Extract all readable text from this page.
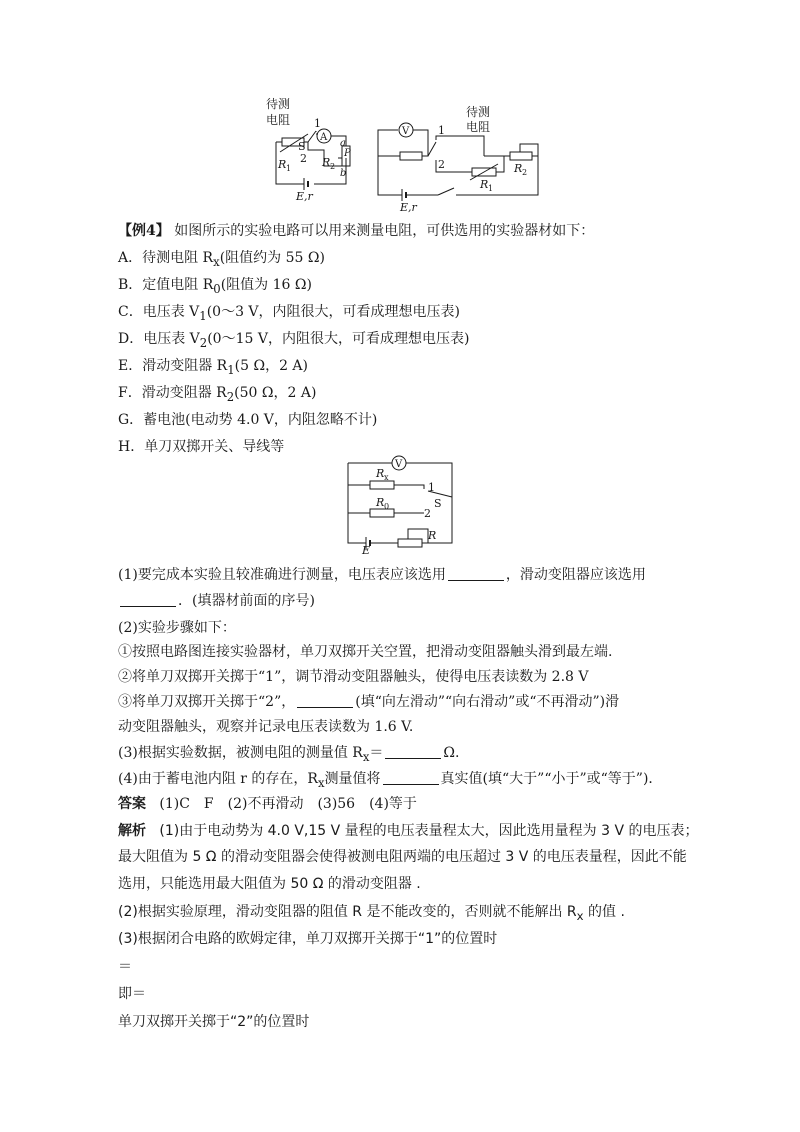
待测
电阻 1
S
2
A
R 1	R 2
P
a
b
E,r
V	1
2
待测
电阻
R 1
R 2
E,r
【例4】 如图所示的实验电路可以用来测量电阻，可供选用的实验器材如下：
A．待测电阻 $R_x$(阻值约为 55 Ω)
B．定值电阻 $R_0$(阻值为 16 Ω)
C．电压表 $V_1(0\sim 3$ V，内阻很大，可看成理想电压表)
D．电压表 $V_2(0\sim 15$ V，内阻很大，可看成理想电压表)
E．滑动变阻器 $R_1(5$ Ω，2 A)
F．滑动变阻器 $R_2(50$ Ω，2 A)
G．蓄电池(电动势 4.0 V，内阻忽略不计)
H．单刀双掷开关、导线等
V
R x
R 0
1
S
2
R
E
(1)要完成本实验且较准确进行测量，电压表应该选用	，滑动变阻器应该选用
．(填器材前面的序号)
(2)实验步骤如下：
①按照电路图连接实验器材，单刀双掷开关空置，把滑动变阻器触头滑到最左端.
②将单刀双掷开关掷于“1”，调节滑动变阻器触头，使得电压表读数为 2.8 V
③将单刀双掷开关掷于“2”，	(填“向左滑动”“向右滑动”或“不再滑动”)滑
动变阻器触头，观察并记录电压表读数为 1.6 V.
(3)根据实验数据，被测电阻的测量值 $R_x=$	Ω.
(4)由于蓄电池内阻 r 的存在，$R_x$测量值将	真实值(填“大于”“小于”或“等于”)．
答案 (1)C　F　(2)不再滑动　(3)56　(4)等于
解析 (1)由于电动势为 4.0 V,15 V 量程的电压表量程太大，因此选用量程为 3 V 的电压表；
最大阻值为 5 Ω 的滑动变阻器会使得被测电阻两端的电压超过 3 V 的电压表量程，因此不能
选用，只能选用最大阻值为 50 Ω 的滑动变阻器 .
(2)根据实验原理，滑动变阻器的阻值 R 是不能改变的，否则就不能解出 $R_x$ 的值 .
(3)根据闭合电路的欧姆定律，单刀双掷开关掷于“1”的位置时
＝
即＝
单刀双掷开关掷于“2”的位置时
